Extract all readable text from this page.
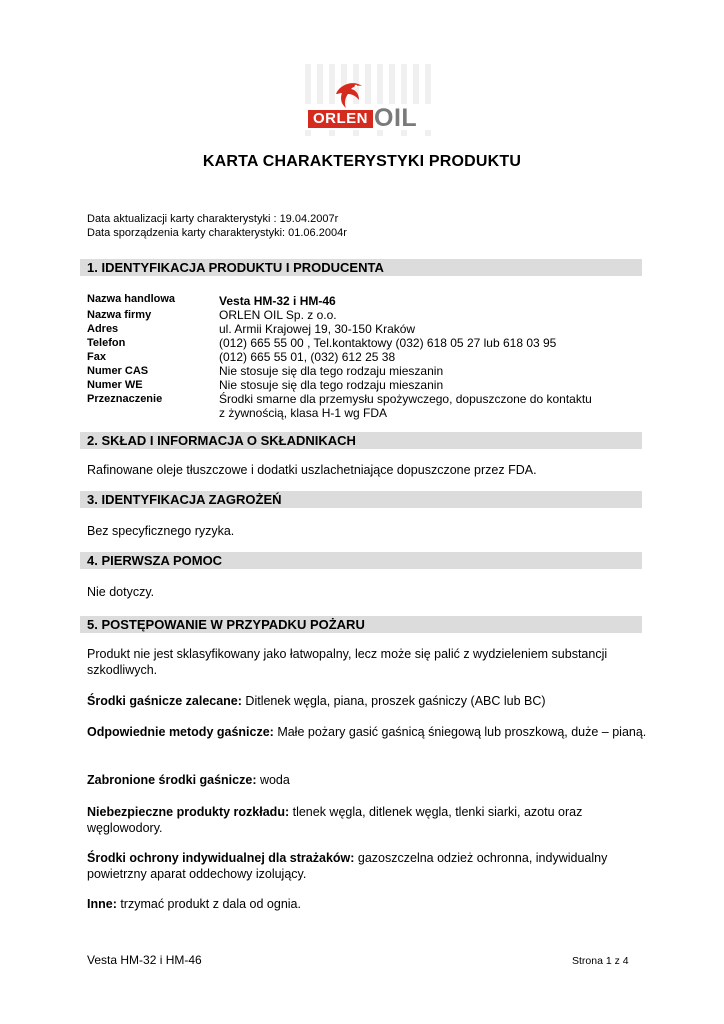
ORLEN OIL
KARTA CHARAKTERYSTYKI PRODUKTU
Data aktualizacji karty charakterystyki : 19.04.2007r
Data sporządzenia karty charakterystyki: 01.06.2004r
1. IDENTYFIKACJA PRODUKTU I PRODUCENTA
Nazwa handlowa	Vesta HM-32 i HM-46
Nazwa firmy	ORLEN OIL Sp. z o.o.
Adres	ul. Armii Krajowej 19, 30-150 Kraków
Telefon	(012) 665 55 00 , Tel.kontaktowy (032) 618 05 27 lub 618 03 95
Fax	(012) 665 55 01, (032) 612 25 38
Numer CAS	Nie stosuje się dla tego rodzaju mieszanin
Numer WE	Nie stosuje się dla tego rodzaju mieszanin
Przeznaczenie	Środki smarne dla przemysłu spożywczego, dopuszczone do kontaktu
z żywnością, klasa H-1 wg FDA
2. SKŁAD I INFORMACJA O SKŁADNIKACH
Rafinowane oleje tłuszczowe i dodatki uszlachetniające dopuszczone przez FDA.
3. IDENTYFIKACJA ZAGROŻEŃ
Bez specyficznego ryzyka.
4. PIERWSZA POMOC
Nie dotyczy.
5. POSTĘPOWANIE W PRZYPADKU POŻARU
Produkt nie jest sklasyfikowany jako łatwopalny, lecz może się palić z wydzieleniem substancji szkodliwych.
Środki gaśnicze zalecane: Ditlenek węgla, piana, proszek gaśniczy (ABC lub BC)
Odpowiednie metody gaśnicze: Małe pożary gasić gaśnicą śniegową lub proszkową, duże – pianą.
Zabronione środki gaśnicze: woda
Niebezpieczne produkty rozkładu: tlenek węgla, ditlenek węgla, tlenki siarki, azotu oraz węglowodory.
Środki ochrony indywidualnej dla strażaków: gazoszczelna odzież ochronna, indywidualny powietrzny aparat oddechowy izolujący.
Inne: trzymać produkt z dala od ognia.
Vesta HM-32 i HM-46	Strona 1 z 4
